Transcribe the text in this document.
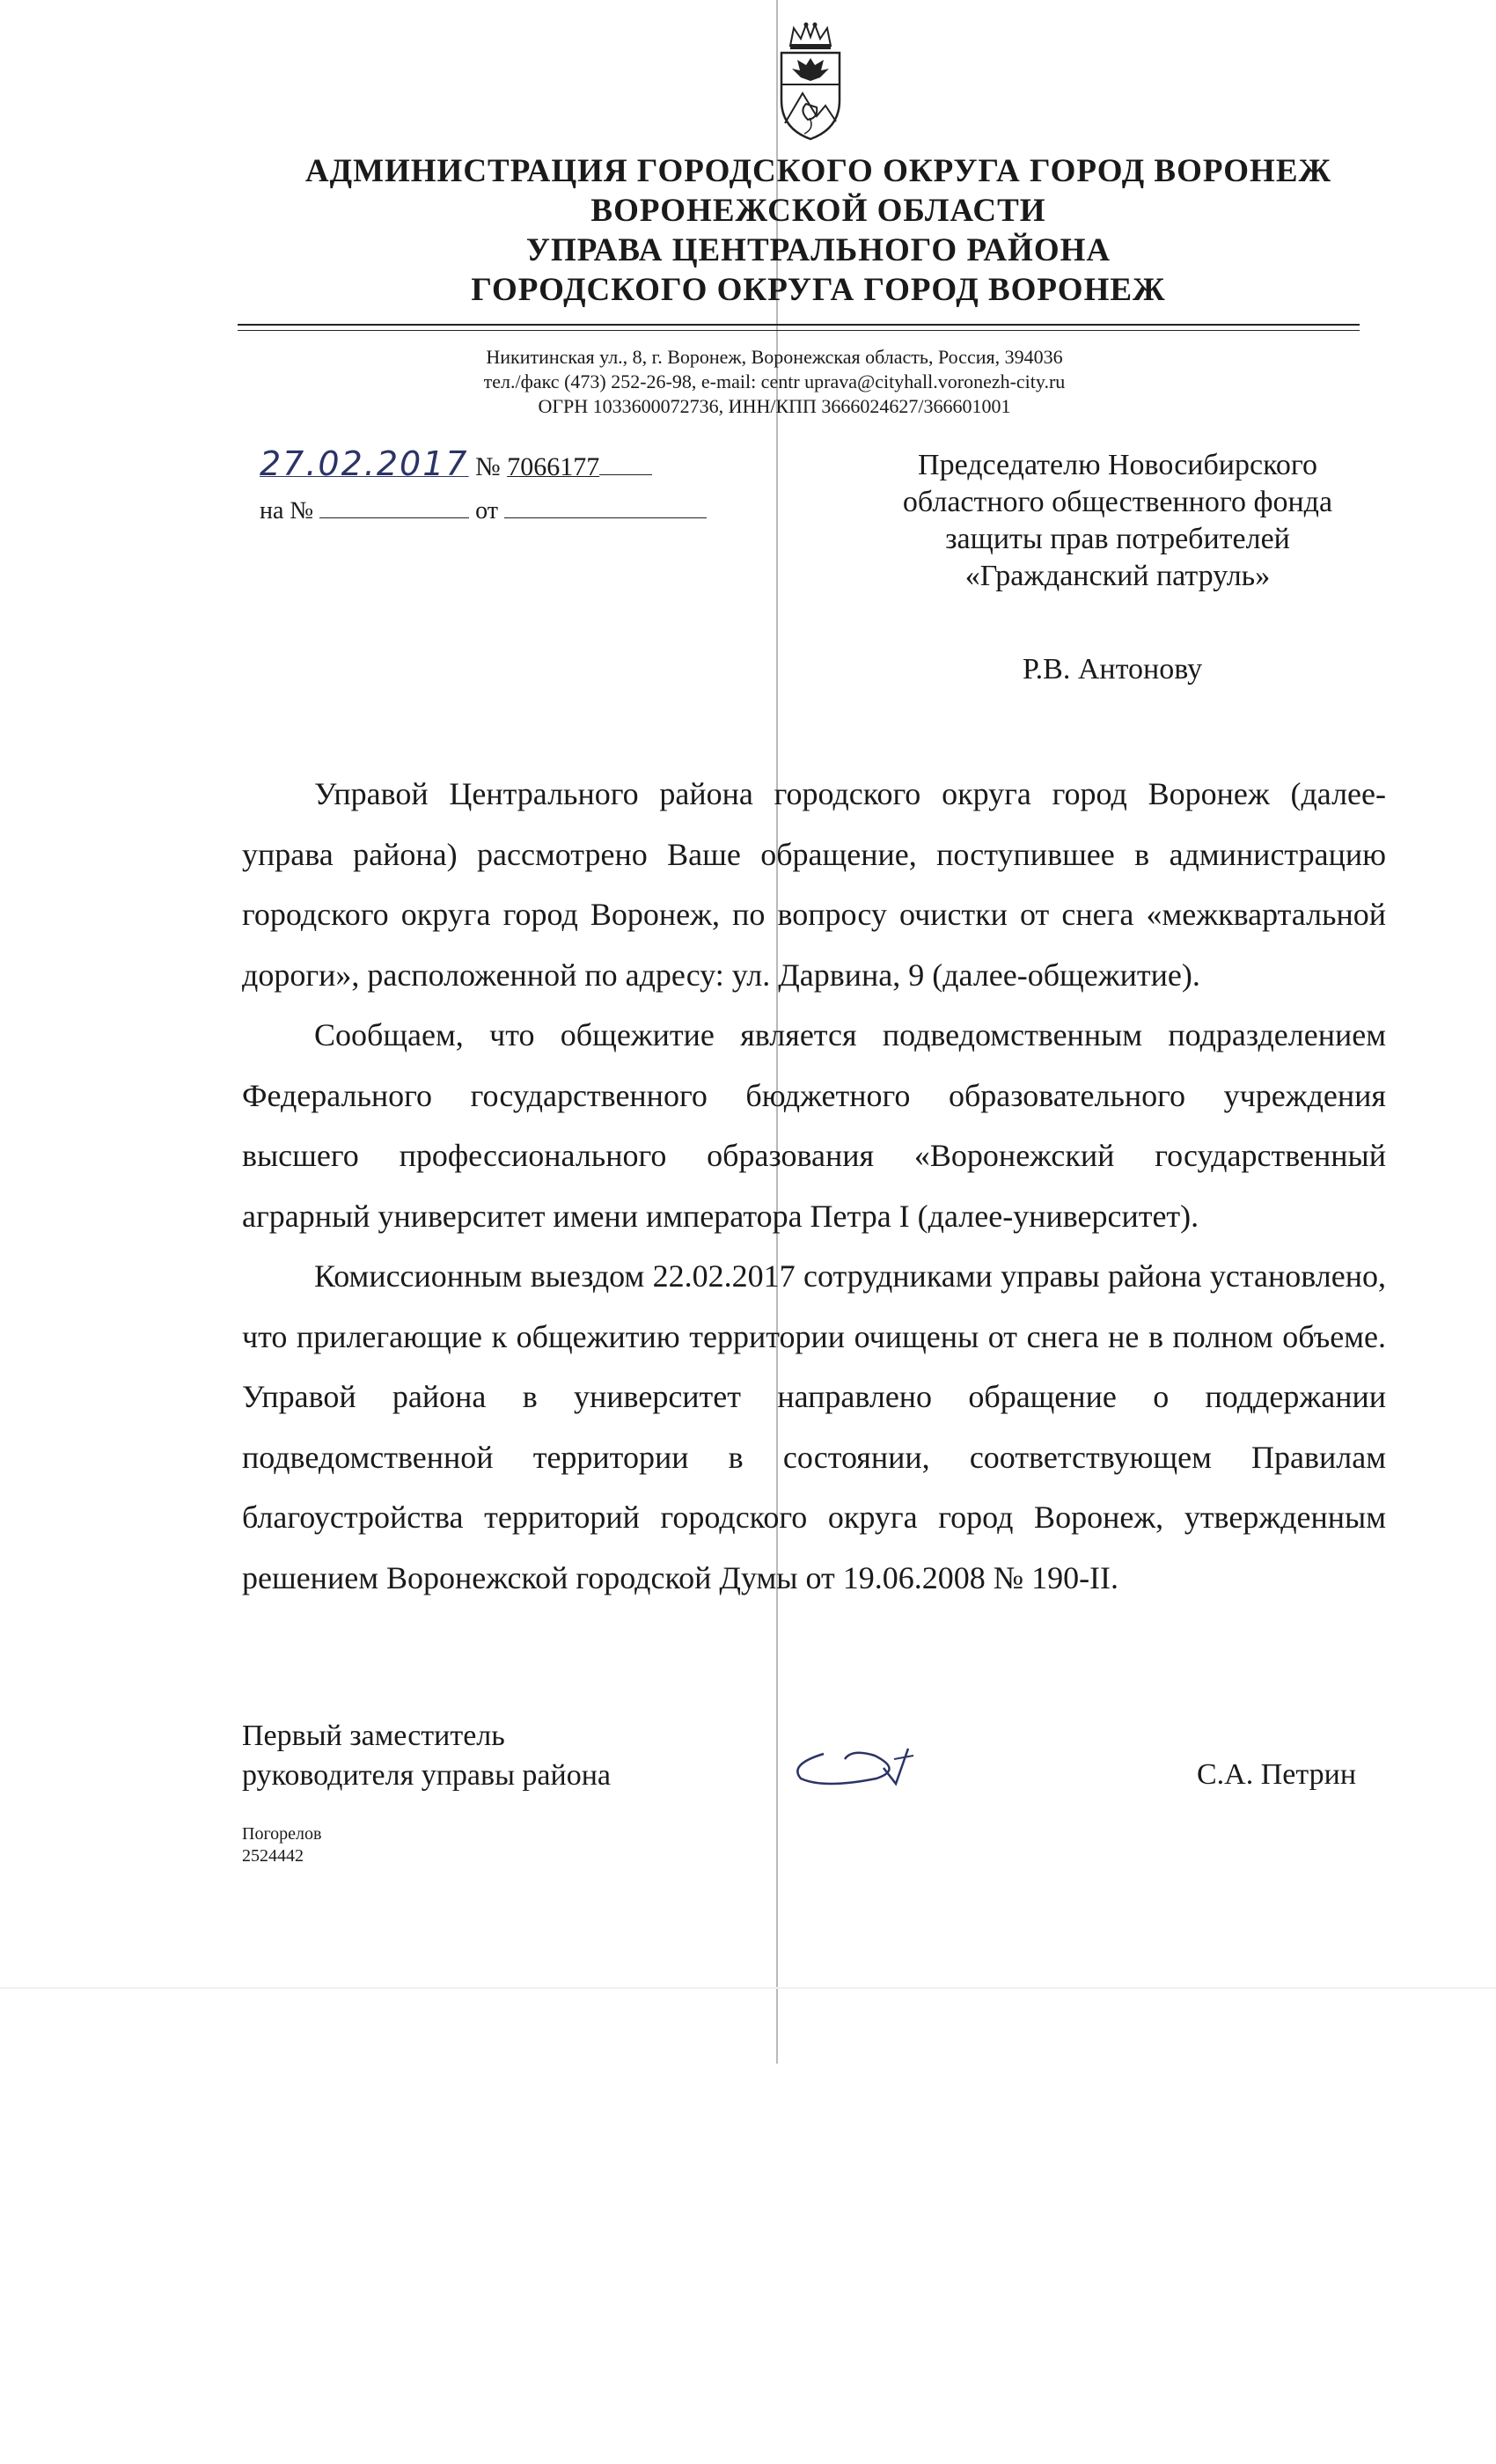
АДМИНИСТРАЦИЯ ГОРОДСКОГО ОКРУГА ГОРОД ВОРОНЕЖ
ВОРОНЕЖСКОЙ ОБЛАСТИ
УПРАВА ЦЕНТРАЛЬНОГО РАЙОНА
ГОРОДСКОГО ОКРУГА ГОРОД ВОРОНЕЖ
Никитинская ул., 8, г. Воронеж, Воронежская область, Россия, 394036
тел./факс (473) 252-26-98, e-mail: centr uprava@cityhall.voronezh-city.ru
ОГРН 1033600072736, ИНН/КПП 3666024627/366601001
27.02.2017 № 7066177
на №	от
Председателю Новосибирского
областного общественного фонда
защиты прав потребителей
«Гражданский патруль»
Р.В. Антонову

Управой Центрального района городского округа город Воронеж (далее-управа района) рассмотрено Ваше обращение, поступившее в администрацию городского округа город Воронеж, по вопросу очистки от снега «межквартальной дороги», расположенной по адресу: ул. Дарвина, 9 (далее-общежитие).

Сообщаем, что общежитие является подведомственным подразделением Федерального государственного бюджетного образовательного учреждения высшего профессионального образования «Воронежский государственный аграрный университет имени императора Петра I (далее-университет).

Комиссионным выездом 22.02.2017 сотрудниками управы района установлено, что прилегающие к общежитию территории очищены от снега не в полном объеме. Управой района в университет направлено обращение о поддержании подведомственной территории в состоянии, соответствующем Правилам благоустройства территорий городского округа город Воронеж, утвержденным решением Воронежской городской Думы от 19.06.2008 № 190-II.

Первый заместитель
руководителя управы района	С.А. Петрин
Погорелов
2524442
